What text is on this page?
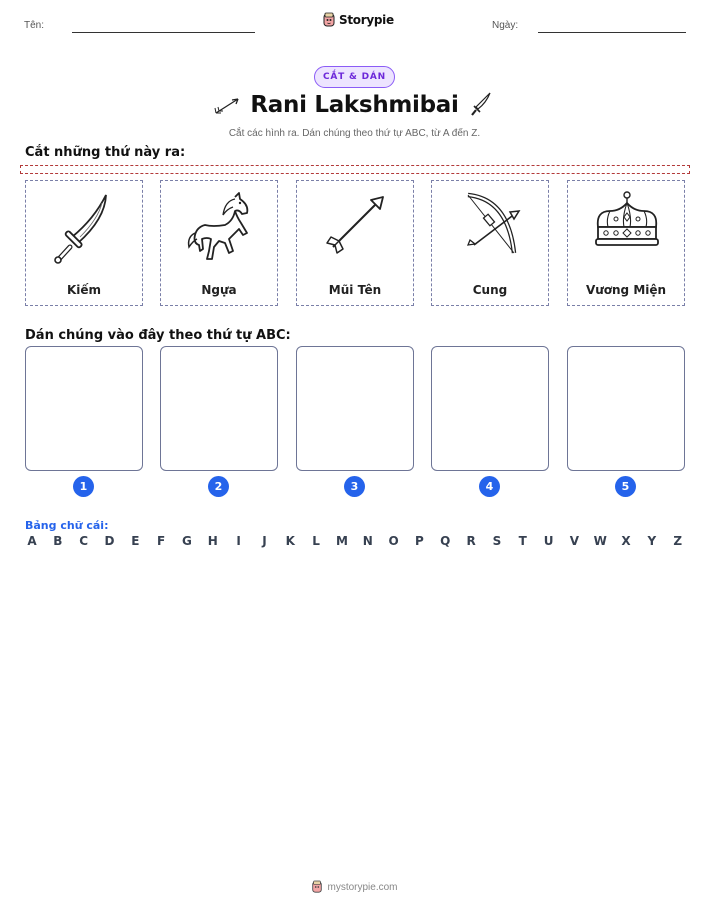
Tên:	Storypie	Ngày:
CẮT & DÁN
Rani Lakshmibai
Cắt các hình ra. Dán chúng theo thứ tự ABC, từ A đến Z.
Cắt những thứ này ra:
Kiếm	Ngựa	Mũi Tên	Cung	Vương Miện
Dán chúng vào đây theo thứ tự ABC:
1	2	3	4	5
Bảng chữ cái:
A B C D E F G H	I	J	K L M N O P Q R S T U V W X Y Z
mystorypie.com
